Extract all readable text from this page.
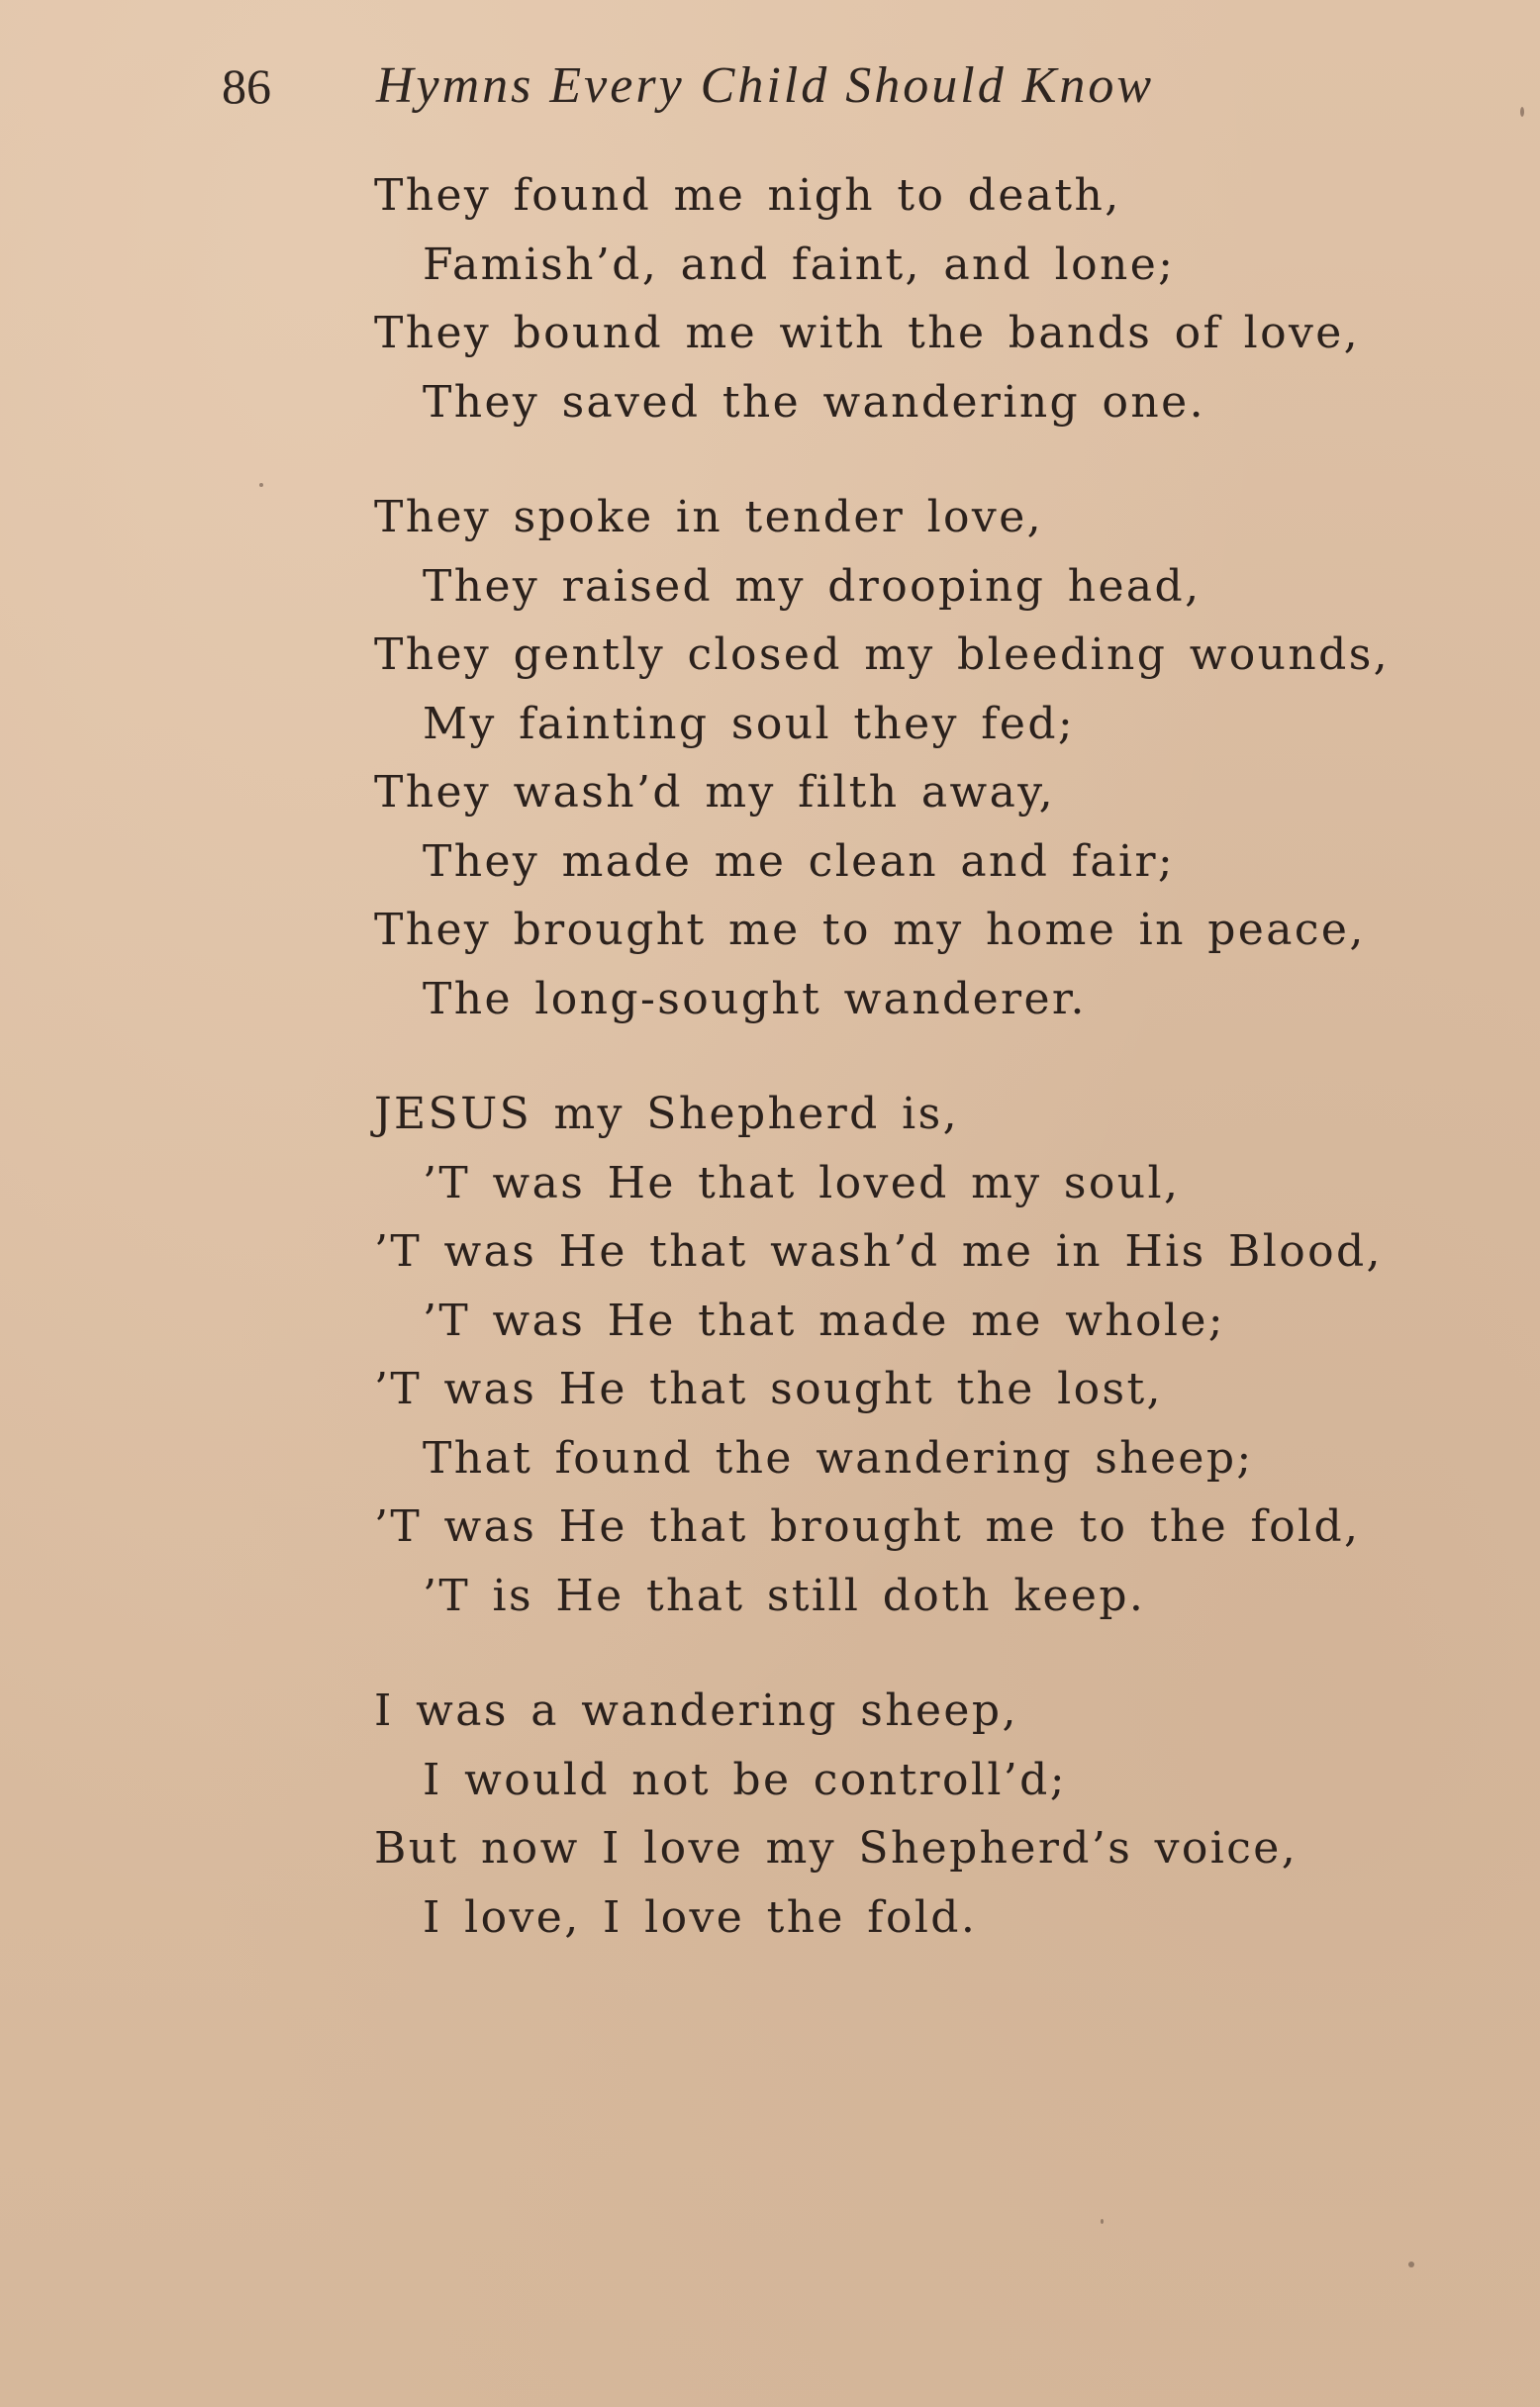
86 Hymns Every Child Should Know
They found me nigh to death,
Famish’d, and faint, and lone;
They bound me with the bands of love,
They saved the wandering one.
They spoke in tender love,
They raised my drooping head,
They gently closed my bleeding wounds,
My fainting soul they fed;
They wash’d my filth away,
They made me clean and fair;
They brought me to my home in peace,
The long-sought wanderer.
JESUS my Shepherd is,
’T was He that loved my soul,
’T was He that wash’d me in His Blood,
’T was He that made me whole;
’T was He that sought the lost,
That found the wandering sheep;
’T was He that brought me to the fold,
’T is He that still doth keep.
I was a wandering sheep,
I would not be controll’d;
But now I love my Shepherd’s voice,
I love, I love the fold.
